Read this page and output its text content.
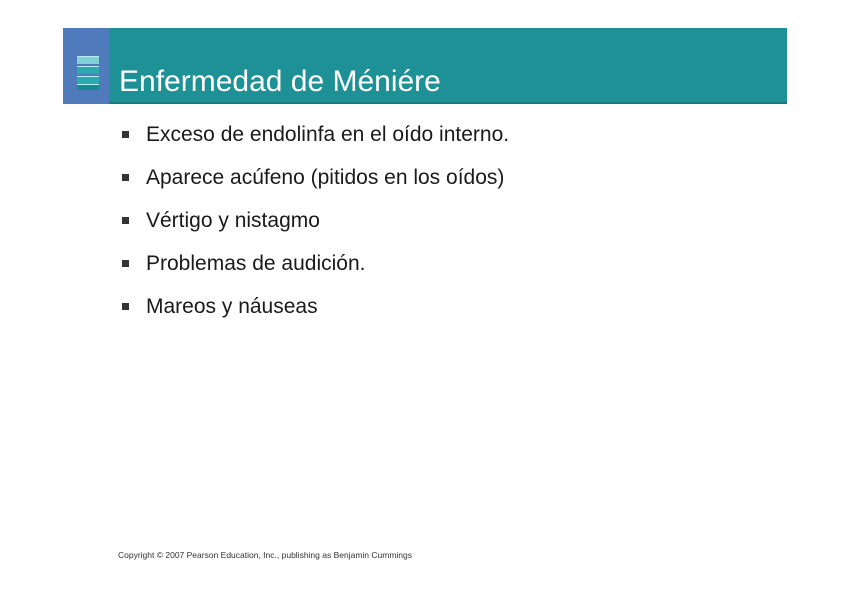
Enfermedad de Méniére
Exceso de endolinfa en el oído interno.
Aparece acúfeno (pitidos en los oídos)
Vértigo y nistagmo
Problemas de audición.
Mareos y náuseas
Copyright © 2007 Pearson Education, Inc., publishing as Benjamin Cummings
